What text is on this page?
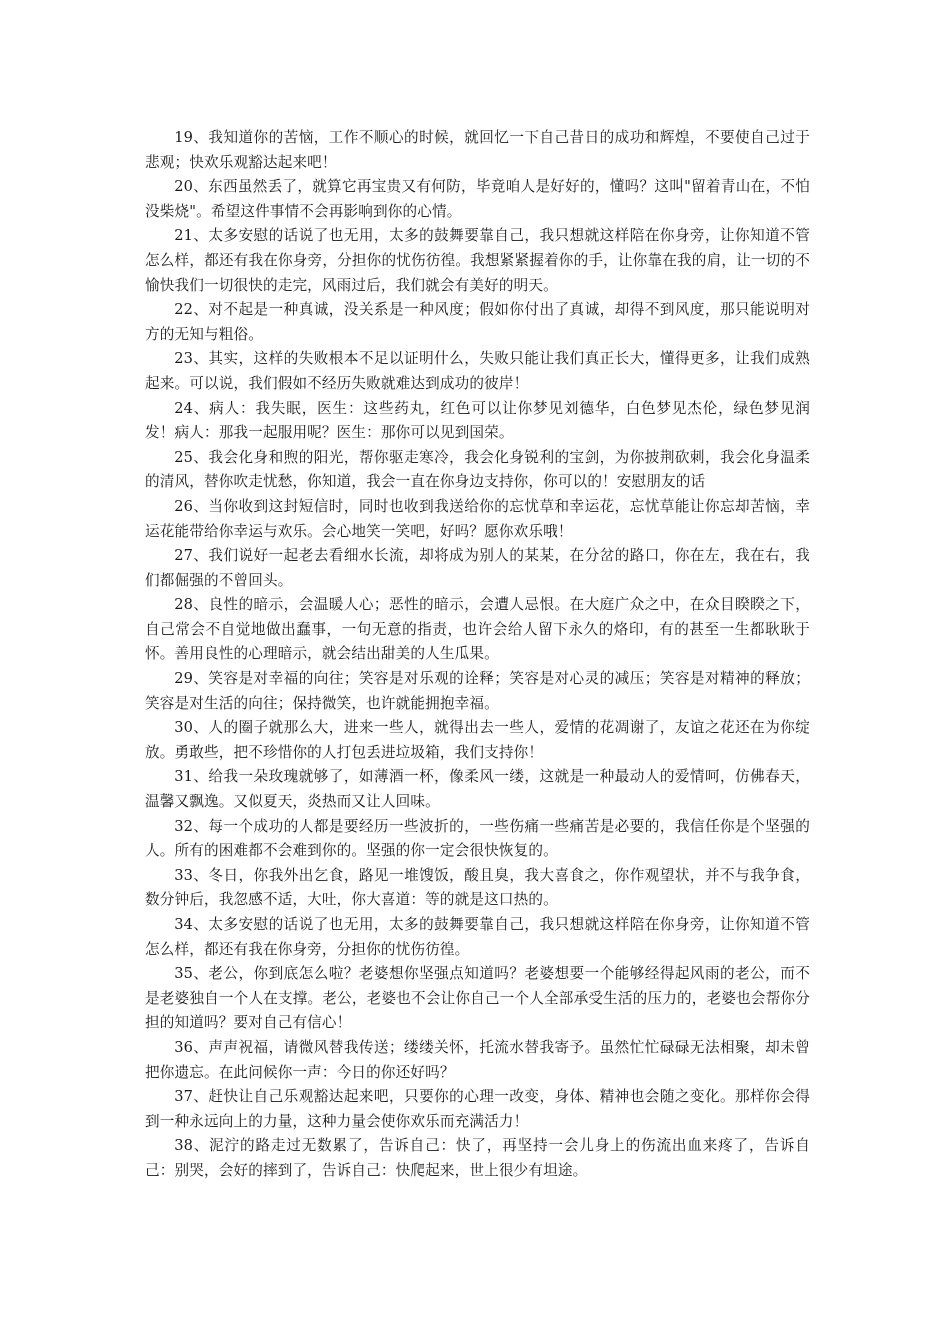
19、我知道你的苦恼，工作不顺心的时候，就回忆一下自己昔日的成功和辉煌，不要使自己过于悲观；快欢乐观豁达起来吧！

20、东西虽然丢了，就算它再宝贵又有何防，毕竟咱人是好好的，懂吗？这叫"留着青山在，不怕没柴烧"。希望这件事情不会再影响到你的心情。

21、太多安慰的话说了也无用，太多的鼓舞要靠自己，我只想就这样陪在你身旁，让你知道不管怎么样，都还有我在你身旁，分担你的忧伤彷徨。我想紧紧握着你的手，让你靠在我的肩，让一切的不愉快我们一切很快的走完，风雨过后，我们就会有美好的明天。

22、对不起是一种真诚，没关系是一种风度；假如你付出了真诚，却得不到风度，那只能说明对方的无知与粗俗。

23、其实，这样的失败根本不足以证明什么，失败只能让我们真正长大，懂得更多，让我们成熟起来。可以说，我们假如不经历失败就难达到成功的彼岸！

24、病人：我失眠，医生：这些药丸，红色可以让你梦见刘德华，白色梦见杰伦，绿色梦见润发！病人：那我一起服用呢？医生：那你可以见到国荣。

25、我会化身和煦的阳光，帮你驱走寒冷，我会化身锐利的宝剑，为你披荆砍刺，我会化身温柔的清风，替你吹走忧愁，你知道，我会一直在你身边支持你，你可以的！安慰朋友的话

26、当你收到这封短信时，同时也收到我送给你的忘忧草和幸运花，忘忧草能让你忘却苦恼，幸运花能带给你幸运与欢乐。会心地笑一笑吧，好吗？愿你欢乐哦！

27、我们说好一起老去看细水长流，却将成为别人的某某，在分岔的路口，你在左，我在右，我们都倔强的不曾回头。

28、良性的暗示，会温暖人心；恶性的暗示，会遭人忌恨。在大庭广众之中，在众目睽睽之下，自己常会不自觉地做出蠢事，一句无意的指责，也许会给人留下永久的烙印，有的甚至一生都耿耿于怀。善用良性的心理暗示，就会结出甜美的人生瓜果。

29、笑容是对幸福的向往；笑容是对乐观的诠释；笑容是对心灵的减压；笑容是对精神的释放；笑容是对生活的向往；保持微笑，也许就能拥抱幸福。

30、人的圈子就那么大，进来一些人，就得出去一些人，爱情的花凋谢了，友谊之花还在为你绽放。勇敢些，把不珍惜你的人打包丢进垃圾箱，我们支持你！

31、给我一朵玫瑰就够了，如薄酒一杯，像柔风一缕，这就是一种最动人的爱情呵，仿佛春天，温馨又飘逸。又似夏天，炎热而又让人回味。

32、每一个成功的人都是要经历一些波折的，一些伤痛一些痛苦是必要的，我信任你是个坚强的人。所有的困难都不会难到你的。坚强的你一定会很快恢复的。

33、冬日，你我外出乞食，路见一堆馊饭，酸且臭，我大喜食之，你作观望状，并不与我争食，数分钟后，我忽感不适，大吐，你大喜道：等的就是这口热的。

34、太多安慰的话说了也无用，太多的鼓舞要靠自己，我只想就这样陪在你身旁，让你知道不管怎么样，都还有我在你身旁，分担你的忧伤彷徨。

35、老公，你到底怎么啦？老婆想你坚强点知道吗？老婆想要一个能够经得起风雨的老公，而不是老婆独自一个人在支撑。老公，老婆也不会让你自己一个人全部承受生活的压力的，老婆也会帮你分担的知道吗？要对自己有信心！

36、声声祝福，请微风替我传送；缕缕关怀，托流水替我寄予。虽然忙忙碌碌无法相聚，却未曾把你遗忘。在此问候你一声：今日的你还好吗？

37、赶快让自己乐观豁达起来吧，只要你的心理一改变，身体、精神也会随之变化。那样你会得到一种永远向上的力量，这种力量会使你欢乐而充满活力！

38、泥泞的路走过无数累了，告诉自己：快了，再坚持一会儿身上的伤流出血来疼了，告诉自己：别哭，会好的摔到了，告诉自己：快爬起来，世上很少有坦途。
